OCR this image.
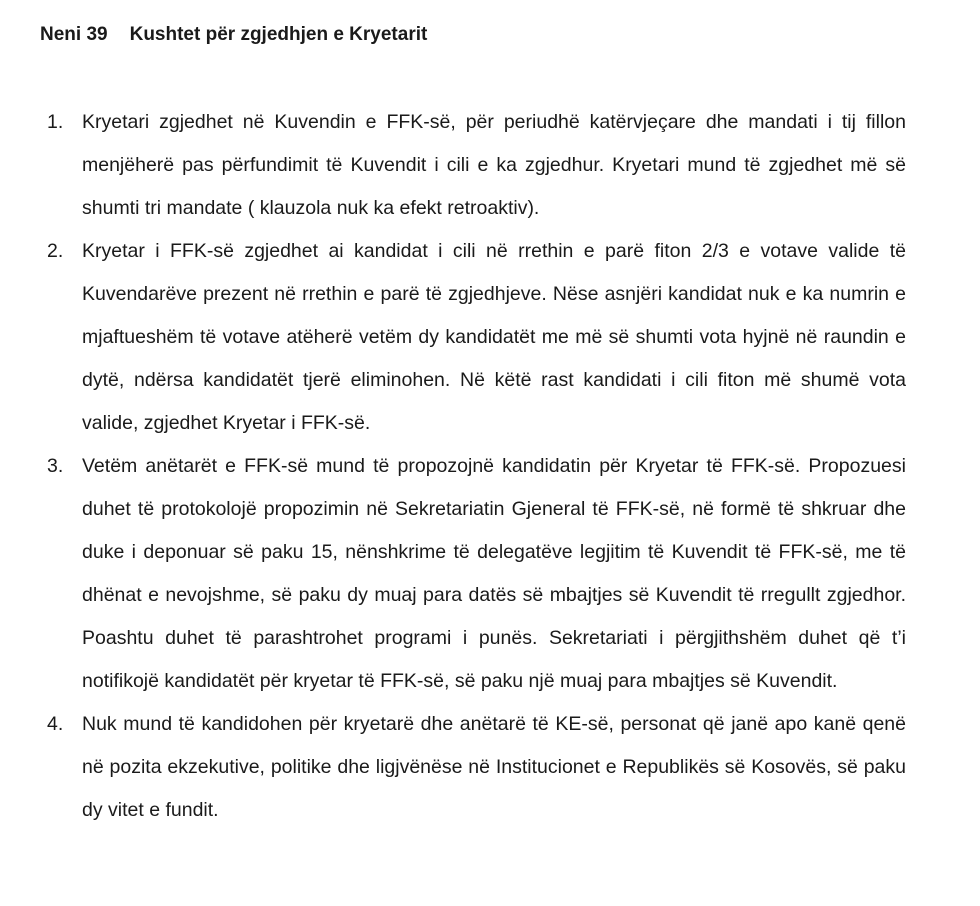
Neni 39 Kushtet për zgjedhjen e Kryetarit
1. Kryetari zgjedhet në Kuvendin e FFK-së, për periudhë katërvjeçare dhe mandati i tij fillon menjëherë pas përfundimit të Kuvendit i cili e ka zgjedhur. Kryetari mund të zgjedhet më së shumti tri mandate ( klauzola nuk ka efekt retroaktiv).
2. Kryetar i FFK-së zgjedhet ai kandidat i cili në rrethin e parë fiton 2/3 e votave valide të Kuvendarëve prezent në rrethin e parë të zgjedhjeve. Nëse asnjëri kandidat nuk e ka numrin e mjaftueshëm të votave atëherë vetëm dy kandidatët me më së shumti vota hyjnë në raundin e dytë, ndërsa kandidatët tjerë eliminohen. Në këtë rast kandidati i cili fiton më shumë vota valide, zgjedhet Kryetar i FFK-së.
3. Vetëm anëtarët e FFK-së mund të propozojnë kandidatin për Kryetar të FFK-së. Propozuesi duhet të protokolojë propozimin në Sekretariatin Gjeneral të FFK-së, në formë të shkruar dhe duke i deponuar së paku 15, nënshkrime të delegatëve legjitim të Kuvendit të FFK-së, me të dhënat e nevojshme, së paku dy muaj para datës së mbajtjes së Kuvendit të rregullt zgjedhor. Poashtu duhet të parashtrohet programi i punës. Sekretariati i përgjithshëm duhet që t’i notifikojë kandidatët për kryetar të FFK-së, së paku një muaj para mbajtjes së Kuvendit.
4. Nuk mund të kandidohen për kryetarë dhe anëtarë të KE-së, personat që janë apo kanë qenë në pozita ekzekutive, politike dhe ligjvënëse në Institucionet e Republikës së Kosovës, së paku dy vitet e fundit.
